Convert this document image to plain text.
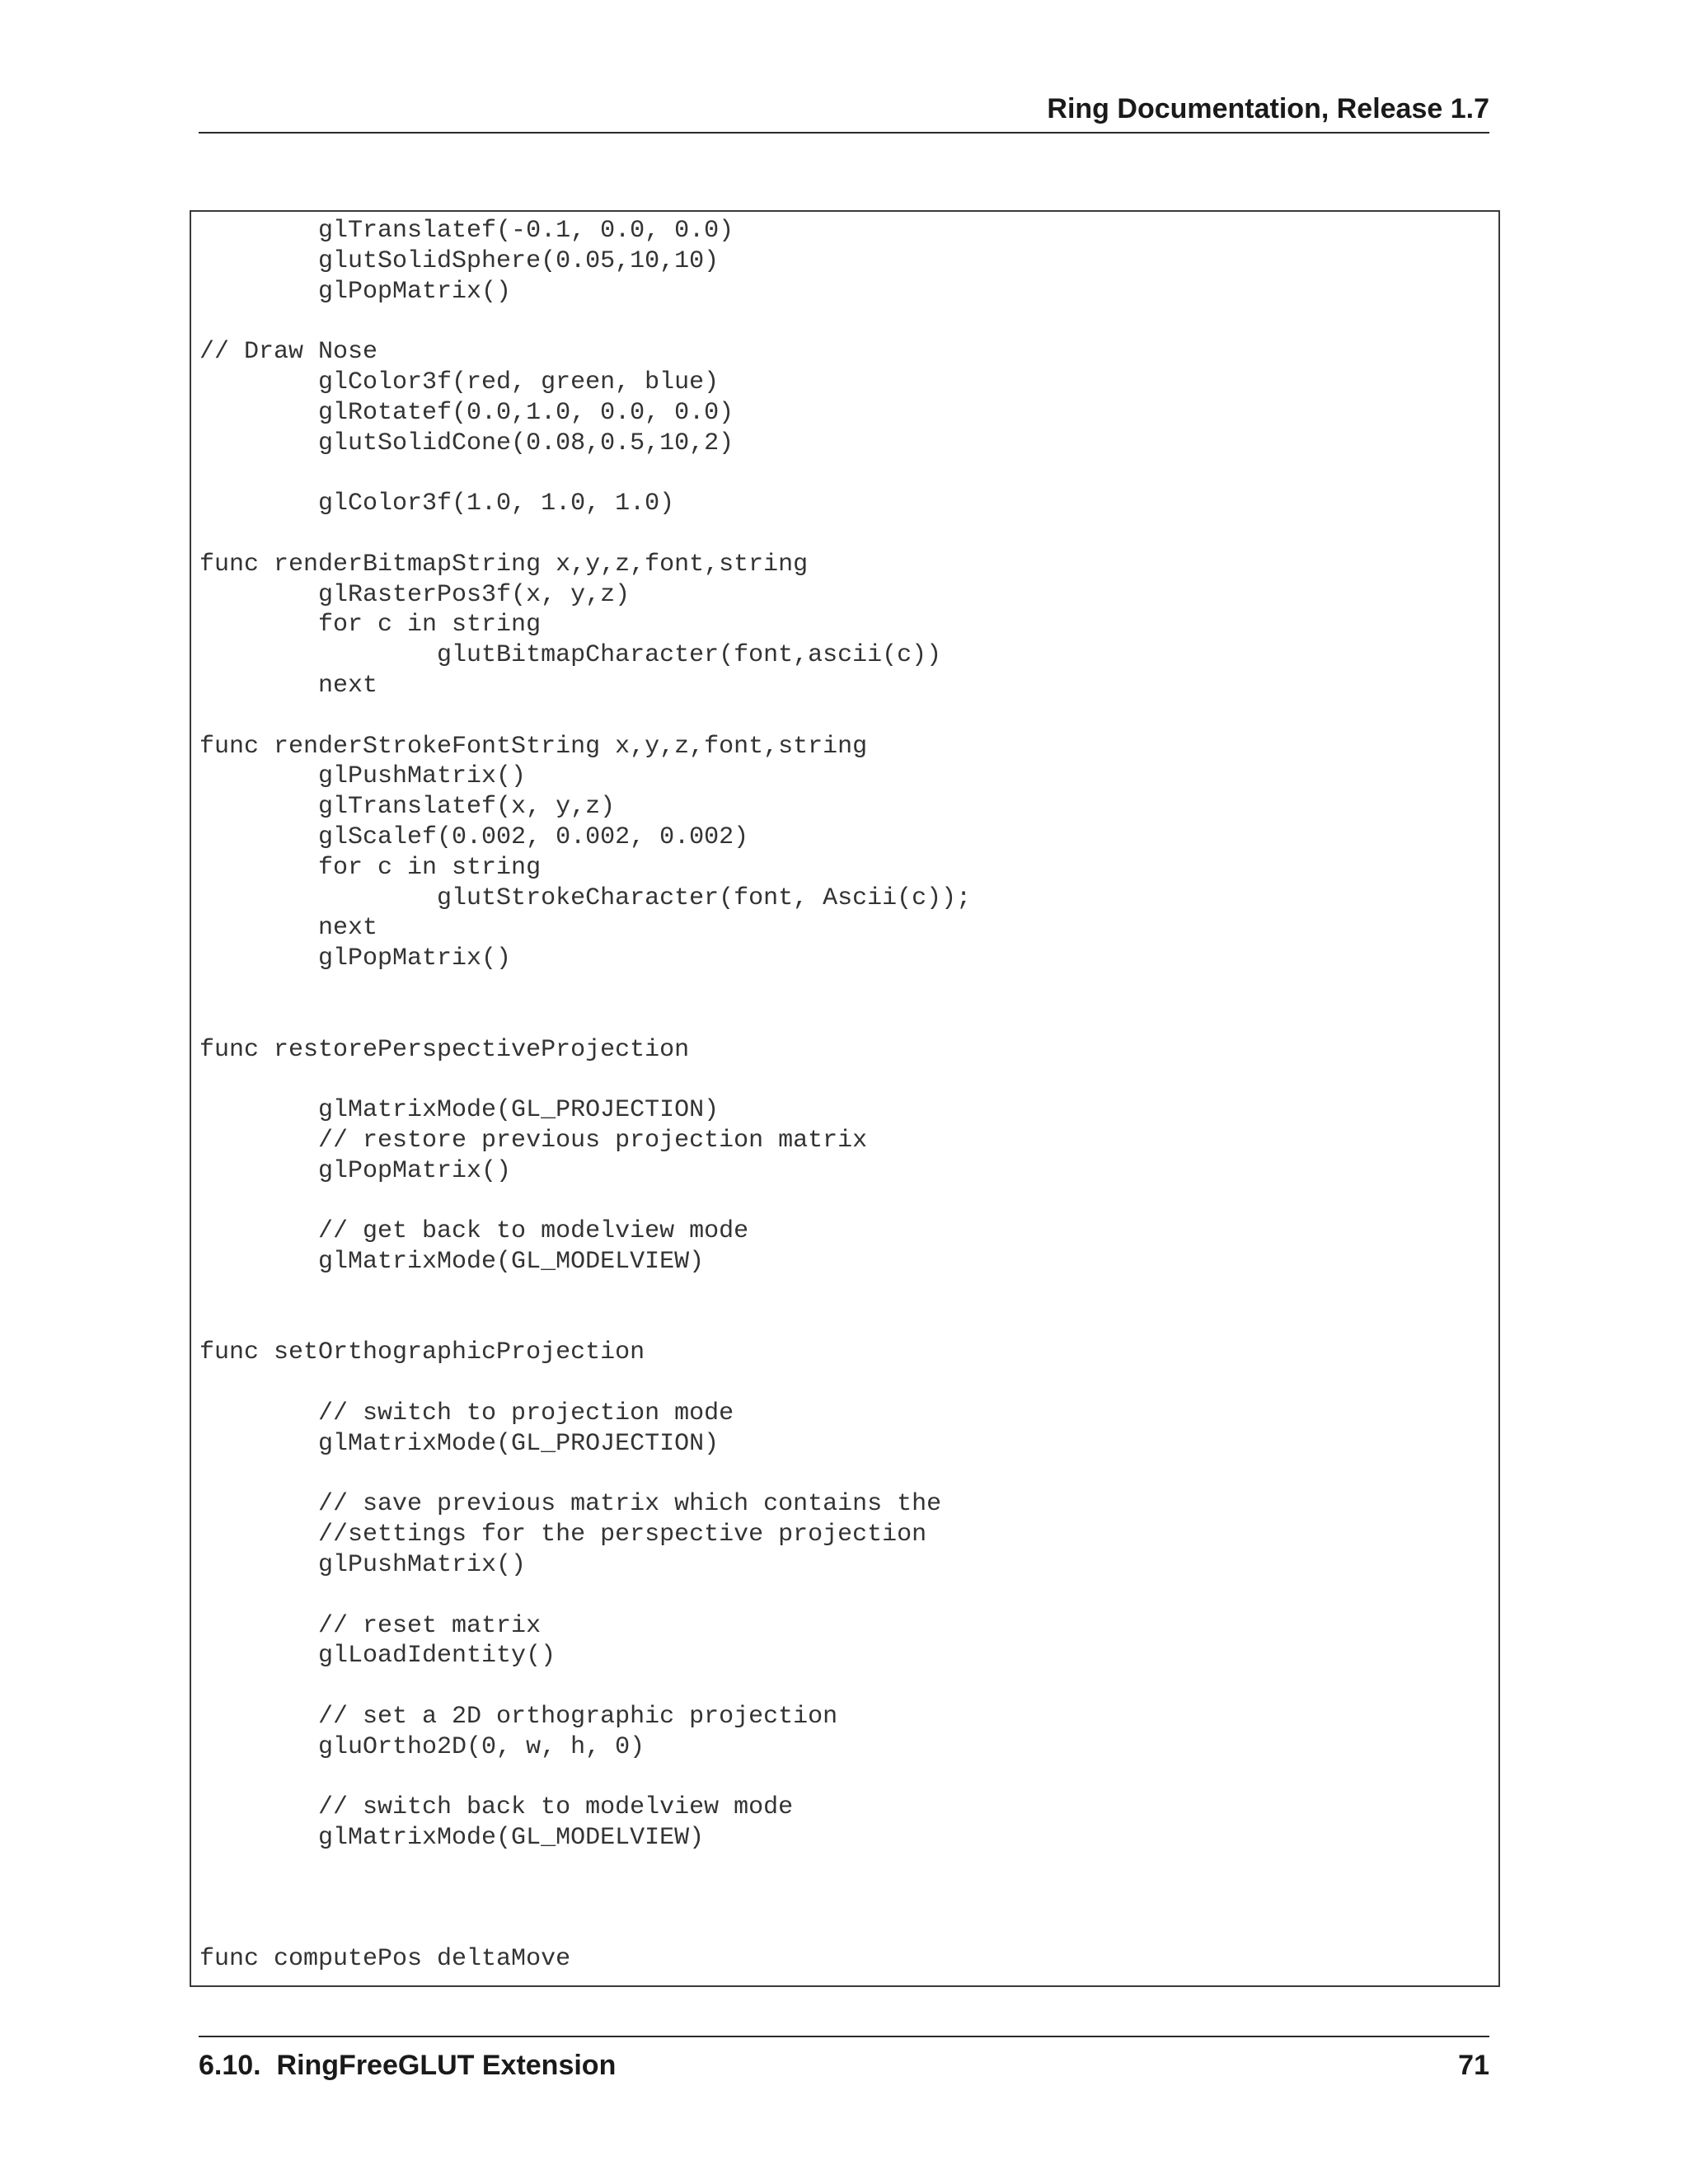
Ring Documentation, Release 1.7
glTranslatef(-0.1, 0.0, 0.0)
glutSolidSphere(0.05,10,10)
glPopMatrix()
// Draw Nose
glColor3f(red, green, blue)
glRotatef(0.0,1.0, 0.0, 0.0)
glutSolidCone(0.08,0.5,10,2)
glColor3f(1.0, 1.0, 1.0)
func renderBitmapString x,y,z,font,string
glRasterPos3f(x, y,z)
for c in string
glutBitmapCharacter(font,ascii(c))
next
func renderStrokeFontString x,y,z,font,string
glPushMatrix()
glTranslatef(x, y,z)
glScalef(0.002, 0.002, 0.002)
for c in string
glutStrokeCharacter(font, Ascii(c));
next
glPopMatrix()
func restorePerspectiveProjection
glMatrixMode(GL_PROJECTION)
// restore previous projection matrix
glPopMatrix()
// get back to modelview mode
glMatrixMode(GL_MODELVIEW)
func setOrthographicProjection
// switch to projection mode
glMatrixMode(GL_PROJECTION)
// save previous matrix which contains the
//settings for the perspective projection
glPushMatrix()
// reset matrix
glLoadIdentity()
// set a 2D orthographic projection
gluOrtho2D(0, w, h, 0)
// switch back to modelview mode
glMatrixMode(GL_MODELVIEW)
func computePos deltaMove
6.10.  RingFreeGLUT Extension	71
